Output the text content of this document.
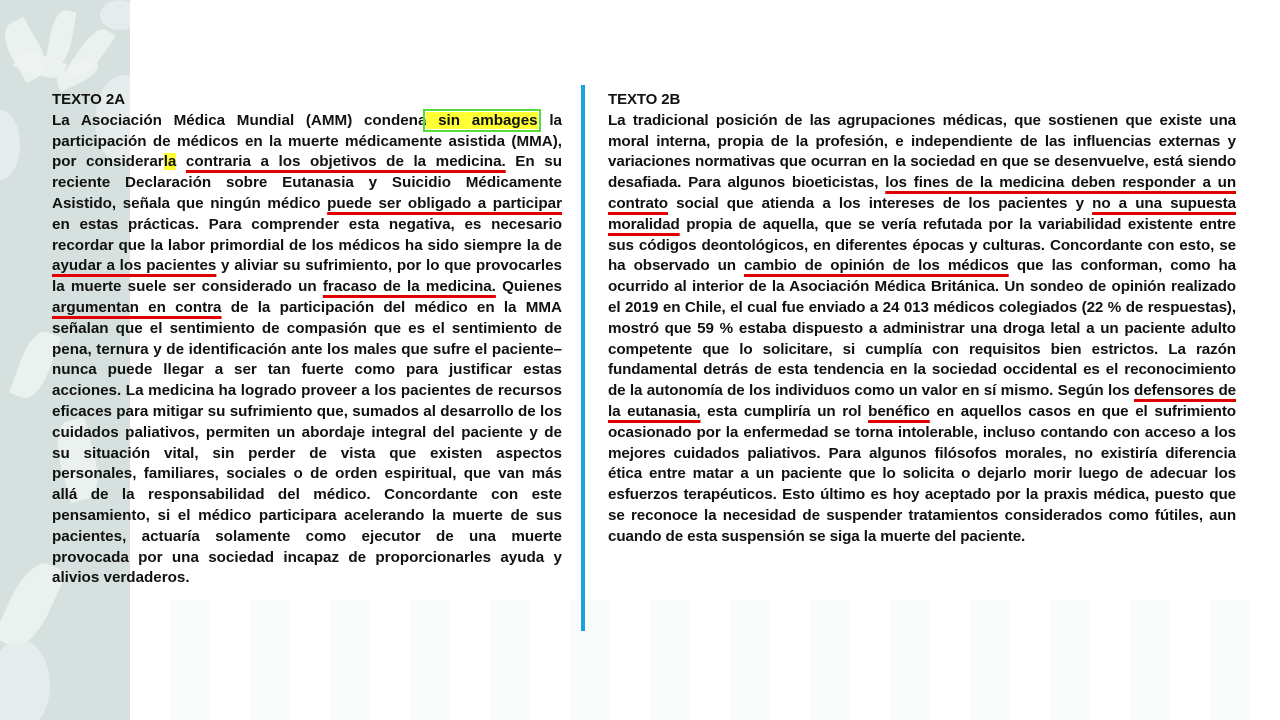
TEXTO 2A
La Asociación Médica Mundial (AMM) condena sin ambages la participación de médicos en la muerte médicamente asistida (MMA), por considerarla contraria a los objetivos de la medicina. En su reciente Declaración sobre Eutanasia y Suicidio Médicamente Asistido, señala que ningún médico puede ser obligado a participar en estas prácticas. Para comprender esta negativa, es necesario recordar que la labor primordial de los médicos ha sido siempre la de ayudar a los pacientes y aliviar su sufrimiento, por lo que provocarles la muerte suele ser considerado un fracaso de la medicina. Quienes argumentan en contra de la participación del médico en la MMA señalan que el sentimiento de compasión que es el sentimiento de pena, ternura y de identificación ante los males que sufre el paciente– nunca puede llegar a ser tan fuerte como para justificar estas acciones. La medicina ha logrado proveer a los pacientes de recursos eficaces para mitigar su sufrimiento que, sumados al desarrollo de los cuidados paliativos, permiten un abordaje integral del paciente y de su situación vital, sin perder de vista que existen aspectos personales, familiares, sociales o de orden espiritual, que van más allá de la responsabilidad del médico. Concordante con este pensamiento, si el médico participara acelerando la muerte de sus pacientes, actuaría solamente como ejecutor de una muerte provocada por una sociedad incapaz de proporcionarles ayuda y alivios verdaderos.
TEXTO 2B
La tradicional posición de las agrupaciones médicas, que sostienen que existe una moral interna, propia de la profesión, e independiente de las influencias externas y variaciones normativas que ocurran en la sociedad en que se desenvuelve, está siendo desafiada. Para algunos bioeticistas, los fines de la medicina deben responder a un contrato social que atienda a los intereses de los pacientes y no a una supuesta moralidad propia de aquella, que se vería refutada por la variabilidad existente entre sus códigos deontológicos, en diferentes épocas y culturas. Concordante con esto, se ha observado un cambio de opinión de los médicos que las conforman, como ha ocurrido al interior de la Asociación Médica Británica. Un sondeo de opinión realizado el 2019 en Chile, el cual fue enviado a 24 013 médicos colegiados (22 % de respuestas), mostró que 59 % estaba dispuesto a administrar una droga letal a un paciente adulto competente que lo solicitare, si cumplía con requisitos bien estrictos. La razón fundamental detrás de esta tendencia en la sociedad occidental es el reconocimiento de la autonomía de los individuos como un valor en sí mismo. Según los defensores de la eutanasia, esta cumpliría un rol benéfico en aquellos casos en que el sufrimiento ocasionado por la enfermedad se torna intolerable, incluso contando con acceso a los mejores cuidados paliativos. Para algunos filósofos morales, no existiría diferencia ética entre matar a un paciente que lo solicita o dejarlo morir luego de adecuar los esfuerzos terapéuticos. Esto último es hoy aceptado por la praxis médica, puesto que se reconoce la necesidad de suspender tratamientos considerados como fútiles, aun cuando de esta suspensión se siga la muerte del paciente.
